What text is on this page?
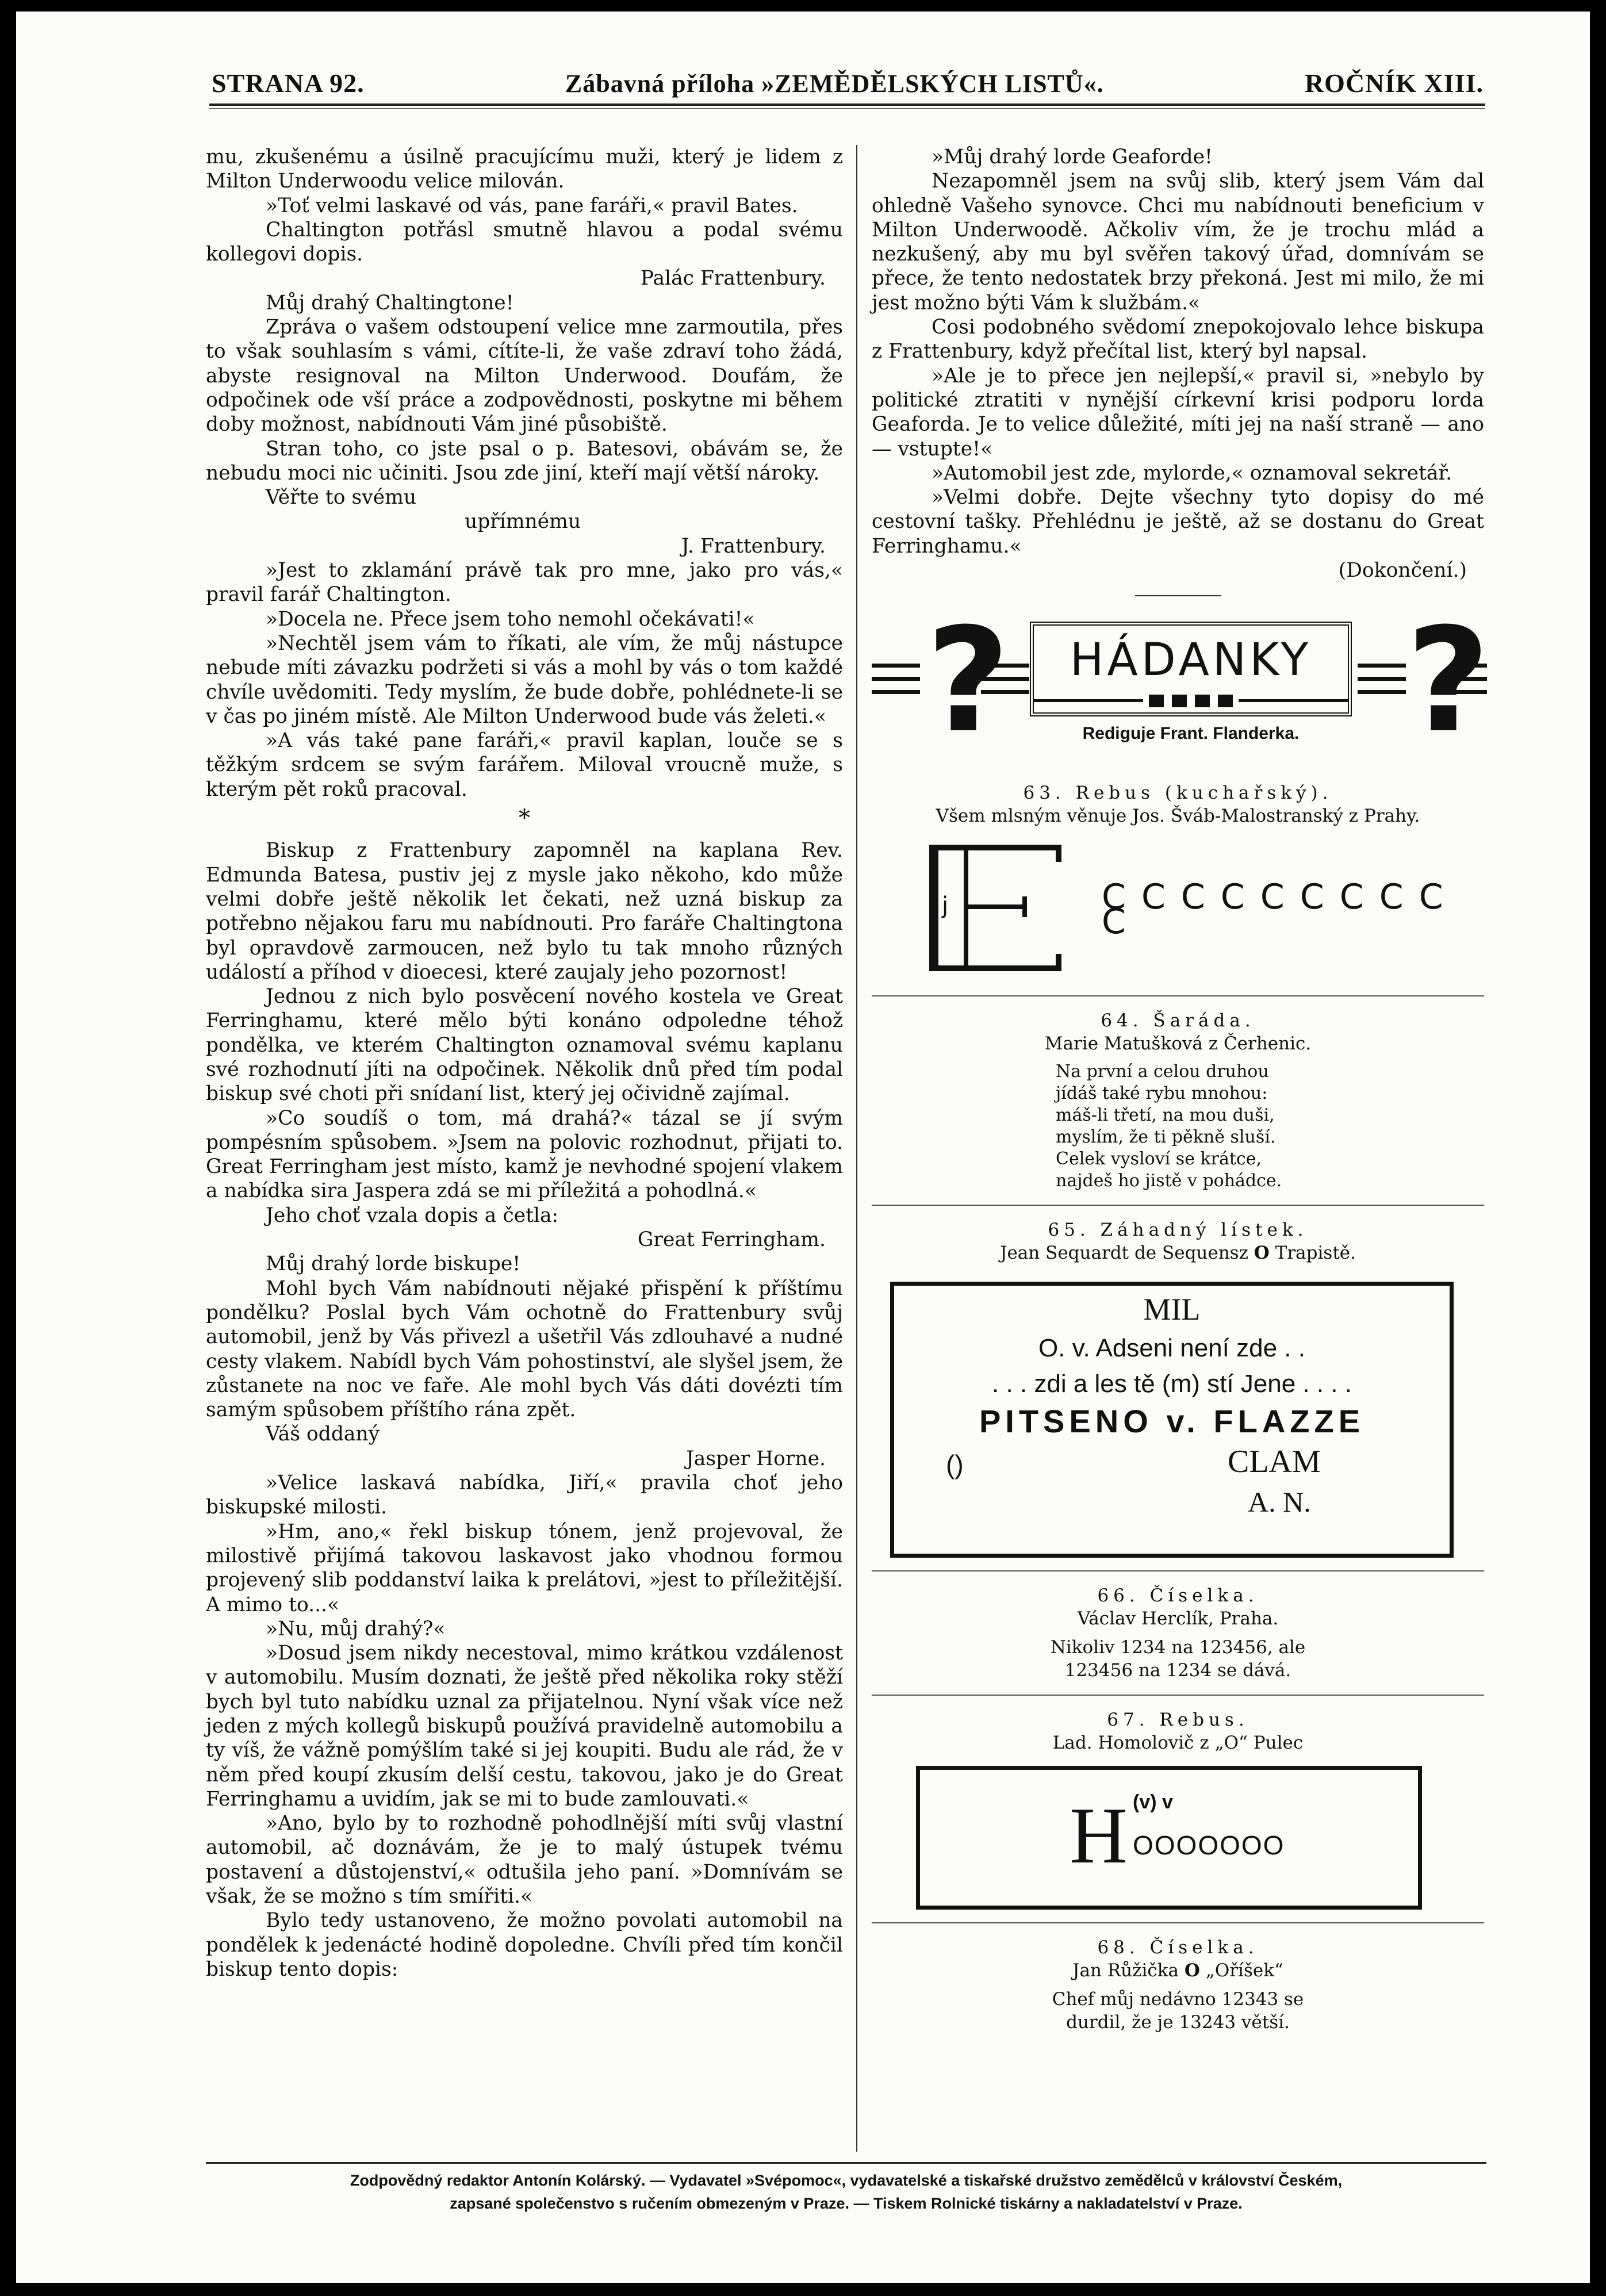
STRANA 92.	Zábavná příloha »ZEMĚDĚLSKÝCH LISTŮ«.	ROČNÍK XIII.

mu, zkušenému a úsilně pracujícímu muži, který je lidem z Milton Underwoodu velice milován.

»Toť velmi laskavé od vás, pane faráři,« pravil Bates.

Chaltington potřásl smutně hlavou a podal svému kollegovi dopis.

Palác Frattenbury.

Můj drahý Chaltingtone!

Zpráva o vašem odstoupení velice mne zarmoutila, přes to však souhlasím s vámi, cítíte-li, že vaše zdraví toho žádá, abyste resignoval na Milton Underwood. Doufám, že odpočinek ode vší práce a zodpovědnosti, poskytne mi během doby možnost, nabídnouti Vám jiné působiště.

Stran toho, co jste psal o p. Batesovi, obávám se, že nebudu moci nic učiniti. Jsou zde jiní, kteří mají větší nároky.

Věřte to svému

upřímnému

J. Frattenbury.

»Jest to zklamání právě tak pro mne, jako pro vás,« pravil farář Chaltington.

»Docela ne. Přece jsem toho nemohl očekávati!«

»Nechtěl jsem vám to říkati, ale vím, že můj nástupce nebude míti závazku podržeti si vás a mohl by vás o tom každé chvíle uvědomiti. Tedy myslím, že bude dobře, pohlédnete-li se v čas po jiném místě. Ale Milton Underwood bude vás želeti.«

»A vás také pane faráři,« pravil kaplan, louče se s těžkým srdcem se svým farářem. Miloval vroucně muže, s kterým pět roků pracoval.

*

Biskup z Frattenbury zapomněl na kaplana Rev. Edmunda Batesa, pustiv jej z mysle jako někoho, kdo může velmi dobře ještě několik let čekati, než uzná biskup za potřebno nějakou faru mu nabídnouti. Pro faráře Chaltingtona byl opravdově zarmoucen, než bylo tu tak mnoho různých událostí a příhod v dioecesi, které zaujaly jeho pozornost!

Jednou z nich bylo posvěcení nového kostela ve Great Ferringhamu, které mělo býti konáno odpoledne téhož pondělka, ve kterém Chaltington oznamoval svému kaplanu své rozhodnutí jíti na odpočinek. Několik dnů před tím podal biskup své choti při snídaní list, který jej očividně zajímal.

»Co soudíš o tom, má drahá?« tázal se jí svým pompésním spůsobem. »Jsem na polovic rozhodnut, přijati to. Great Ferringham jest místo, kamž je nevhodné spojení vlakem a nabídka sira Jaspera zdá se mi příležitá a pohodlná.«

Jeho choť vzala dopis a četla:

Great Ferringham.

Můj drahý lorde biskupe!

Mohl bych Vám nabídnouti nějaké přispění k příštímu pondělku? Poslal bych Vám ochotně do Frattenbury svůj automobil, jenž by Vás přivezl a ušetřil Vás zdlouhavé a nudné cesty vlakem. Nabídl bych Vám pohostinství, ale slyšel jsem, že zůstanete na noc ve faře. Ale mohl bych Vás dáti dovézti tím samým spůsobem příštího rána zpět.

Váš oddaný

Jasper Horne.

»Velice laskavá nabídka, Jiří,« pravila choť jeho biskupské milosti.

»Hm, ano,« řekl biskup tónem, jenž projevoval, že milostivě přijímá takovou laskavost jako vhodnou formou projevený slib poddanství laika k prelátovi, »jest to příležitější. A mimo to...«

»Nu, můj drahý?«

»Dosud jsem nikdy necestoval, mimo krátkou vzdálenost v automobilu. Musím doznati, že ještě před několika roky stěží bych byl tuto nabídku uznal za přijatelnou. Nyní však více než jeden z mých kollegů biskupů používá pravidelně automobilu a ty víš, že vážně pomýšlím také si jej koupiti. Budu ale rád, že v něm před koupí zkusím delší cestu, takovou, jako je do Great Ferringhamu a uvidím, jak se mi to bude zamlouvati.«

»Ano, bylo by to rozhodně pohodlnější míti svůj vlastní automobil, ač doznávám, že je to malý ústupek tvému postavení a důstojenství,« odtušila jeho paní. »Domnívám se však, že se možno s tím smířiti.«

Bylo tedy ustanoveno, že možno povolati automobil na pondělek k jedenácté hodině dopoledne. Chvíli před tím končil biskup tento dopis:

»Můj drahý lorde Geaforde!

Nezapomněl jsem na svůj slib, který jsem Vám dal ohledně Vašeho synovce. Chci mu nabídnouti beneficium v Milton Underwoodě. Ačkoliv vím, že je trochu mlád a nezkušený, aby mu byl svěřen takový úřad, domnívám se přece, že tento nedostatek brzy překoná. Jest mi milo, že mi jest možno býti Vám k službám.«

Cosi podobného svědomí znepokojovalo lehce biskupa z Frattenbury, když přečítal list, který byl napsal.

»Ale je to přece jen nejlepší,« pravil si, »nebylo by politické ztratiti v nynější církevní krisi podporu lorda Geaforda. Je to velice důležité, míti jej na naší straně — ano — vstupte!«

»Automobil jest zde, mylorde,« oznamoval sekretář.

»Velmi dobře. Dejte všechny tyto dopisy do mé cestovní tašky. Přehlédnu je ještě, až se dostanu do Great Ferringhamu.«

(Dokončení.)
?	HÁDANKY ?
Rediguje Frant. Flanderka.
63. Rebus (kuchařský).
Všem mlsným věnuje Jos. Šváb-Malostranský z Prahy.
j	C C C C C C C C C C
64. Šaráda.
Marie Matušková z Čerhenic.
Na první a celou druhou
jídáš také rybu mnohou:
máš-li třetí, na mou duši,
myslím, že ti pěkně sluší.
Celek vysloví se krátce,
najdeš ho jistě v pohádce.
65. Záhadný lístek.
Jean Sequardt de Sequensz O Trapistě.
MIL
O. v. Adseni není zde . .
. . . zdi a les tě (m) stí Jene . . . .
PITSENO v. FLAZZE
()	CLAM
A. N.
66. Číselka.
Václav Herclík, Praha.
Nikoliv 1234 na 123456, ale
123456 na 1234 se dává.
67. Rebus.
Lad. Homolovič z „O“ Pulec
H (v) v
OOOOOOO
68. Číselka.
Jan Růžička O „Oříšek“
Chef můj nedávno 12343 se
durdil, že je 13243 větší.
Zodpovědný redaktor Antonín Kolárský. — Vydavatel »Svépomoc«, vydavatelské a tiskařské družstvo zemědělců v království Českém,
zapsané společenstvo s ručením obmezeným v Praze. — Tiskem Rolnické tiskárny a nakladatelství v Praze.
